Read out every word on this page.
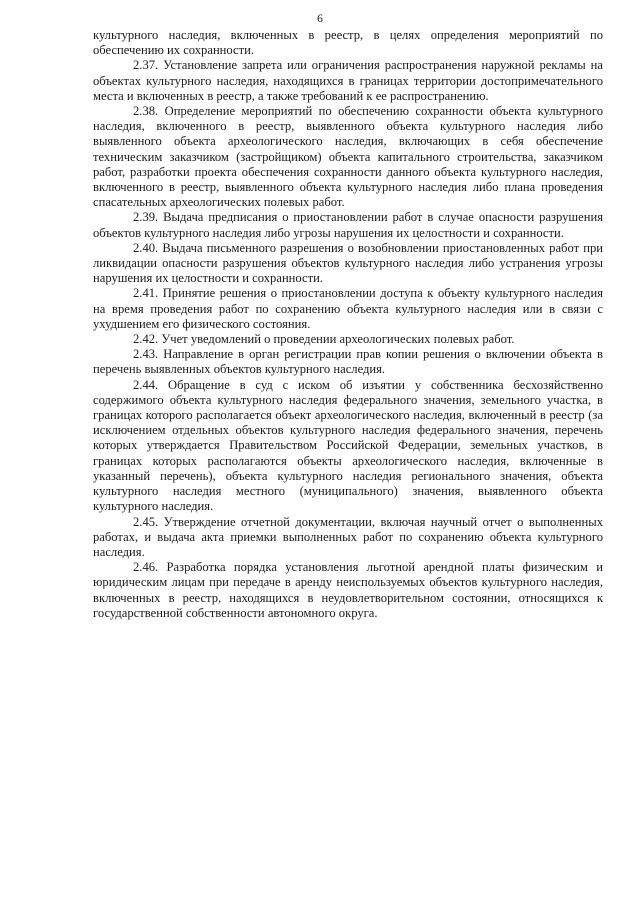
6

культурного наследия, включенных в реестр, в целях определения мероприятий по обеспечению их сохранности.

2.37. Установление запрета или ограничения распространения наружной рекламы на объектах культурного наследия, находящихся в границах территории достопримечательного места и включенных в реестр, а также требований к ее распространению.

2.38. Определение мероприятий по обеспечению сохранности объекта культурного наследия, включенного в реестр, выявленного объекта культурного наследия либо выявленного объекта археологического наследия, включающих в себя обеспечение техническим заказчиком (застройщиком) объекта капитального строительства, заказчиком работ, разработки проекта обеспечения сохранности данного объекта культурного наследия, включенного в реестр, выявленного объекта культурного наследия либо плана проведения спасательных археологических полевых работ.

2.39. Выдача предписания о приостановлении работ в случае опасности разрушения объектов культурного наследия либо угрозы нарушения их целостности и сохранности.

2.40. Выдача письменного разрешения о возобновлении приостановленных работ при ликвидации опасности разрушения объектов культурного наследия либо устранения угрозы нарушения их целостности и сохранности.

2.41. Принятие решения о приостановлении доступа к объекту культурного наследия на время проведения работ по сохранению объекта культурного наследия или в связи с ухудшением его физического состояния.

2.42. Учет уведомлений о проведении археологических полевых работ.

2.43. Направление в орган регистрации прав копии решения о включении объекта в перечень выявленных объектов культурного наследия.

2.44. Обращение в суд с иском об изъятии у собственника бесхозяйственно содержимого объекта культурного наследия федерального значения, земельного участка, в границах которого располагается объект археологического наследия, включенный в реестр (за исключением отдельных объектов культурного наследия федерального значения, перечень которых утверждается Правительством Российской Федерации, земельных участков, в границах которых располагаются объекты археологического наследия, включенные в указанный перечень), объекта культурного наследия регионального значения, объекта культурного наследия местного (муниципального) значения, выявленного объекта культурного наследия.

2.45. Утверждение отчетной документации, включая научный отчет о выполненных работах, и выдача акта приемки выполненных работ по сохранению объекта культурного наследия.

2.46. Разработка порядка установления льготной арендной платы физическим и юридическим лицам при передаче в аренду неиспользуемых объектов культурного наследия, включенных в реестр, находящихся в неудовлетворительном состоянии, относящихся к государственной собственности автономного округа.
